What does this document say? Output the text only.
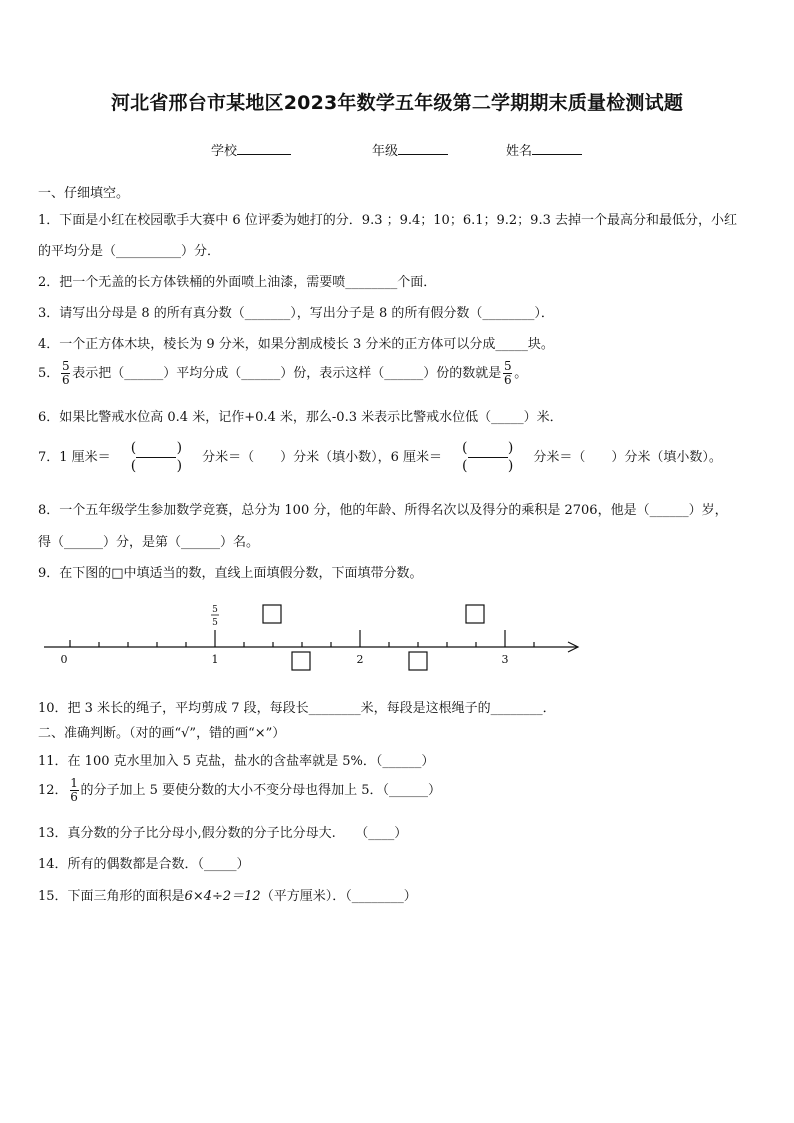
河北省邢台市某地区2023年数学五年级第二学期期末质量检测试题
学校	年级	姓名
一、仔细填空。
1．下面是小红在校园歌手大赛中 6 位评委为她打的分．9.3 ；9.4；10；6.1；9.2；9.3 去掉一个最高分和最低分，小红
的平均分是（__________）分．
2．把一个无盖的长方体铁桶的外面喷上油漆，需要喷________个面．
3．请写出分母是 8 的所有真分数（_______），写出分子是 8 的所有假分数（________）．
4．一个正方体木块，棱长为 9 分米，如果分割成棱长 3 分米的正方体可以分成_____块。
5． $\frac{5}{6}$ 表示把（______）平均分成（______）份，表示这样（______）份的数就是 $\frac{5}{6}$ 。
6．如果比警戒水位高 0.4 米，记作+0.4 米，那么-0.3 米表示比警戒水位低（_____）米．
7．1 厘米＝
( )
( )
分米＝（　　）分米（填小数），6 厘米＝
( )
( )
分米＝（　　）分米（填小数）。
8．一个五年级学生参加数学竞赛，总分为 100 分，他的年龄、所得名次以及得分的乘积是 2706，他是（______）岁，
得（______）分，是第（______）名。
9．在下图的□中填适当的数，直线上面填假分数，下面填带分数。
0	1	2	3
5
5
10．把 3 米长的绳子，平均剪成 7 段，每段长________米，每段是这根绳子的________．
二、准确判断。（对的画“√”，错的画“×”）
11．在 100 克水里加入 5 克盐，盐水的含盐率就是 5%．（______）
12． $\frac{1}{6}$ 的分子加上 5 要使分数的大小不变分母也得加上 5．（______）
13．真分数的分子比分母小,假分数的分子比分母大.　　（____）
14．所有的偶数都是合数．（_____）
15．下面三角形的面积是6×4÷2＝12（平方厘米）．（________）
